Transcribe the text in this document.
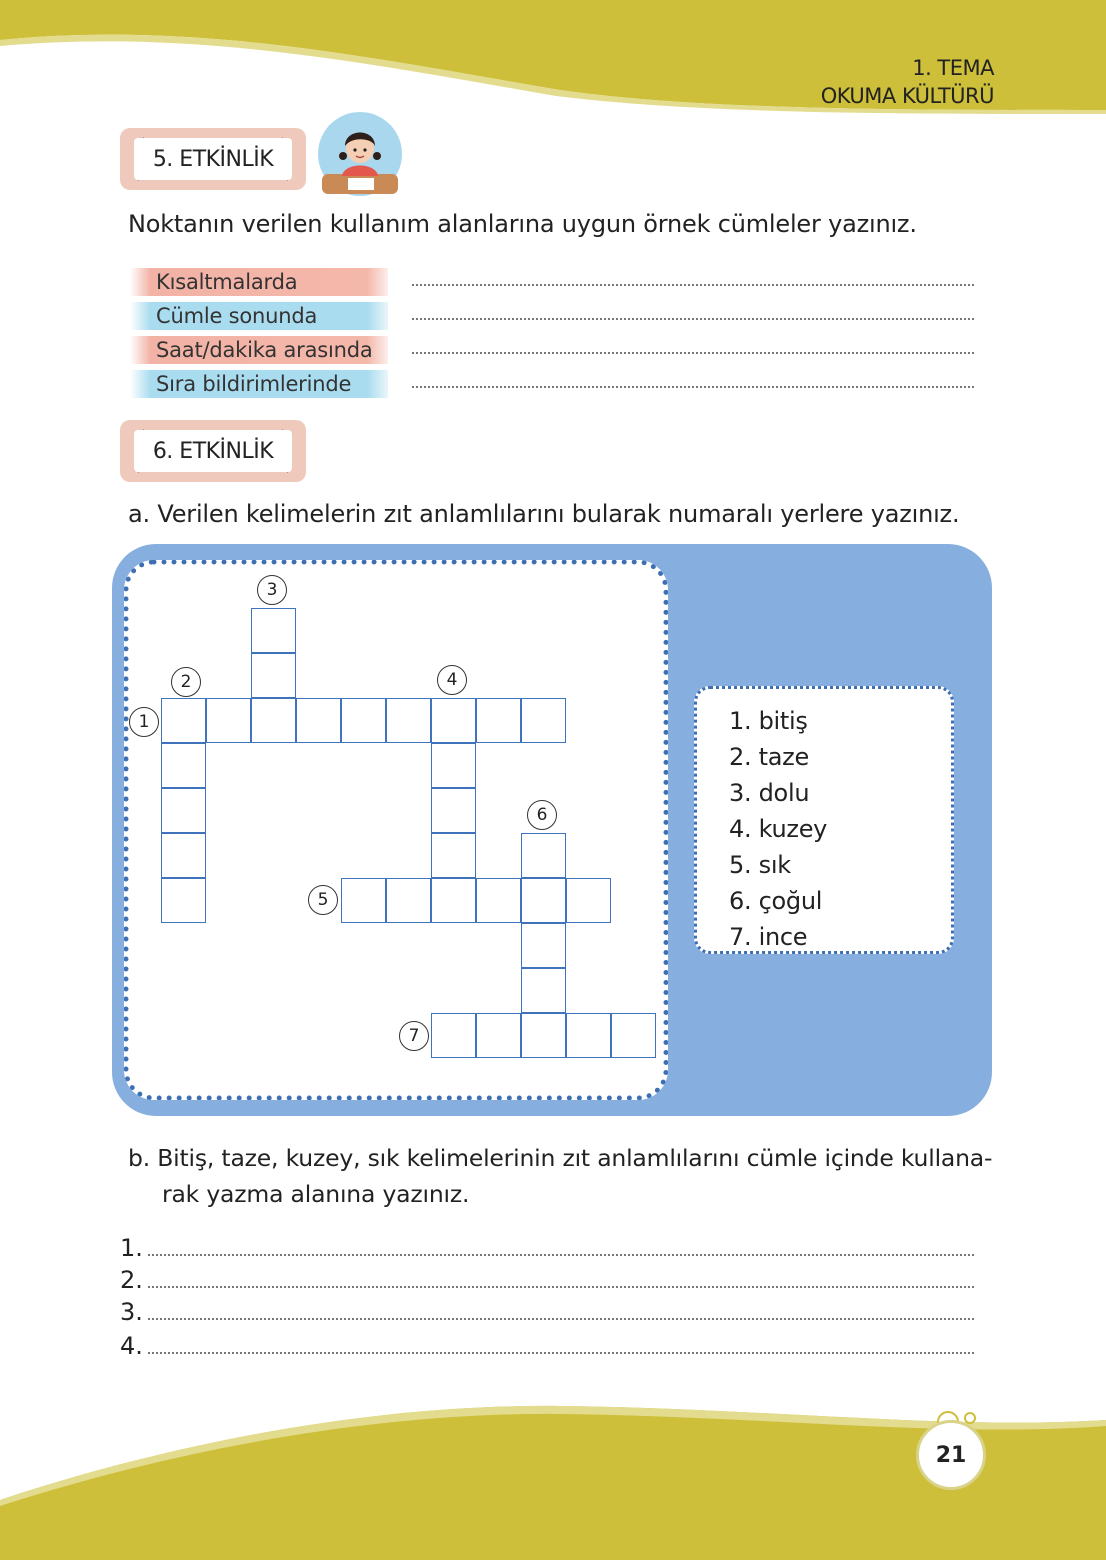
1. TEMA
OKUMA KÜLTÜRÜ
5. ETKİNLİK
Noktanın verilen kullanım alanlarına uygun örnek cümleler yazınız.
Kısaltmalarda
Cümle sonunda
Saat/dakika arasında
Sıra bildirimlerinde
6. ETKİNLİK
a. Verilen kelimelerin zıt anlamlılarını bularak numaralı yerlere yazınız.
1
2
3
4
5
6
7
1. bitiş
2. taze
3. dolu
4. kuzey
5. sık
6. çoğul
7. ince
b. Bitiş, taze, kuzey, sık kelimelerinin zıt anlamlılarını cümle içinde kullana-
rak yazma alanına yazınız.
1.
2.
3.
4.
21
